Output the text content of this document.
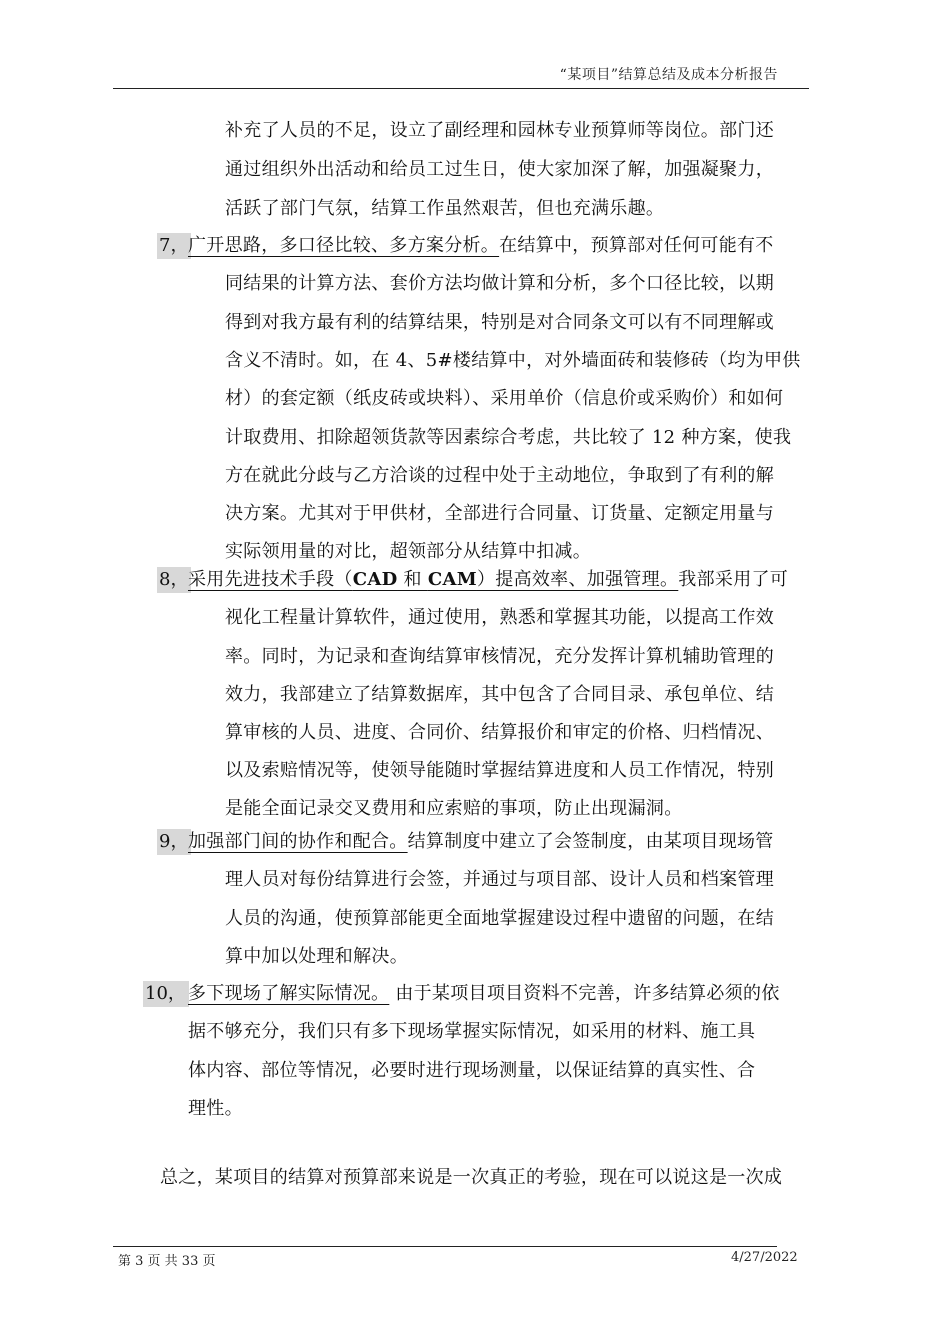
“某项目”结算总结及成本分析报告
补充了人员的不足，设立了副经理和园林专业预算师等岗位。部门还
通过组织外出活动和给员工过生日，使大家加深了解，加强凝聚力，
活跃了部门气氛，结算工作虽然艰苦，但也充满乐趣。
7， 广开思路，多口径比较、多方案分析。在结算中，预算部对任何可能有不
同结果的计算方法、套价方法均做计算和分析，多个口径比较，以期
得到对我方最有利的结算结果，特别是对合同条文可以有不同理解或
含义不清时。如，在 4、5#楼结算中，对外墙面砖和装修砖（均为甲供
材）的套定额（纸皮砖或块料）、采用单价（信息价或采购价）和如何
计取费用、扣除超领货款等因素综合考虑，共比较了 12 种方案，使我
方在就此分歧与乙方洽谈的过程中处于主动地位，争取到了有利的解
决方案。尤其对于甲供材，全部进行合同量、订货量、定额定用量与
实际领用量的对比，超领部分从结算中扣减。
8， 采用先进技术手段（CAD 和 CAM）提高效率、加强管理。我部采用了可
视化工程量计算软件，通过使用，熟悉和掌握其功能，以提高工作效
率。同时，为记录和查询结算审核情况，充分发挥计算机辅助管理的
效力，我部建立了结算数据库，其中包含了合同目录、承包单位、结
算审核的人员、进度、合同价、结算报价和审定的价格、归档情况、
以及索赔情况等，使领导能随时掌握结算进度和人员工作情况，特别
是能全面记录交叉费用和应索赔的事项，防止出现漏洞。
9， 加强部门间的协作和配合。结算制度中建立了会签制度，由某项目现场管
理人员对每份结算进行会签，并通过与项目部、设计人员和档案管理
人员的沟通，使预算部能更全面地掌握建设过程中遗留的问题，在结
算中加以处理和解决。
10， 多下现场了解实际情况。 由于某项目项目资料不完善，许多结算必须的依
据不够充分，我们只有多下现场掌握实际情况，如采用的材料、施工具
体内容、部位等情况，必要时进行现场测量，以保证结算的真实性、合
理性。
总之，某项目的结算对预算部来说是一次真正的考验，现在可以说这是一次成
第 3 页 共 33 页	4/27/2022
